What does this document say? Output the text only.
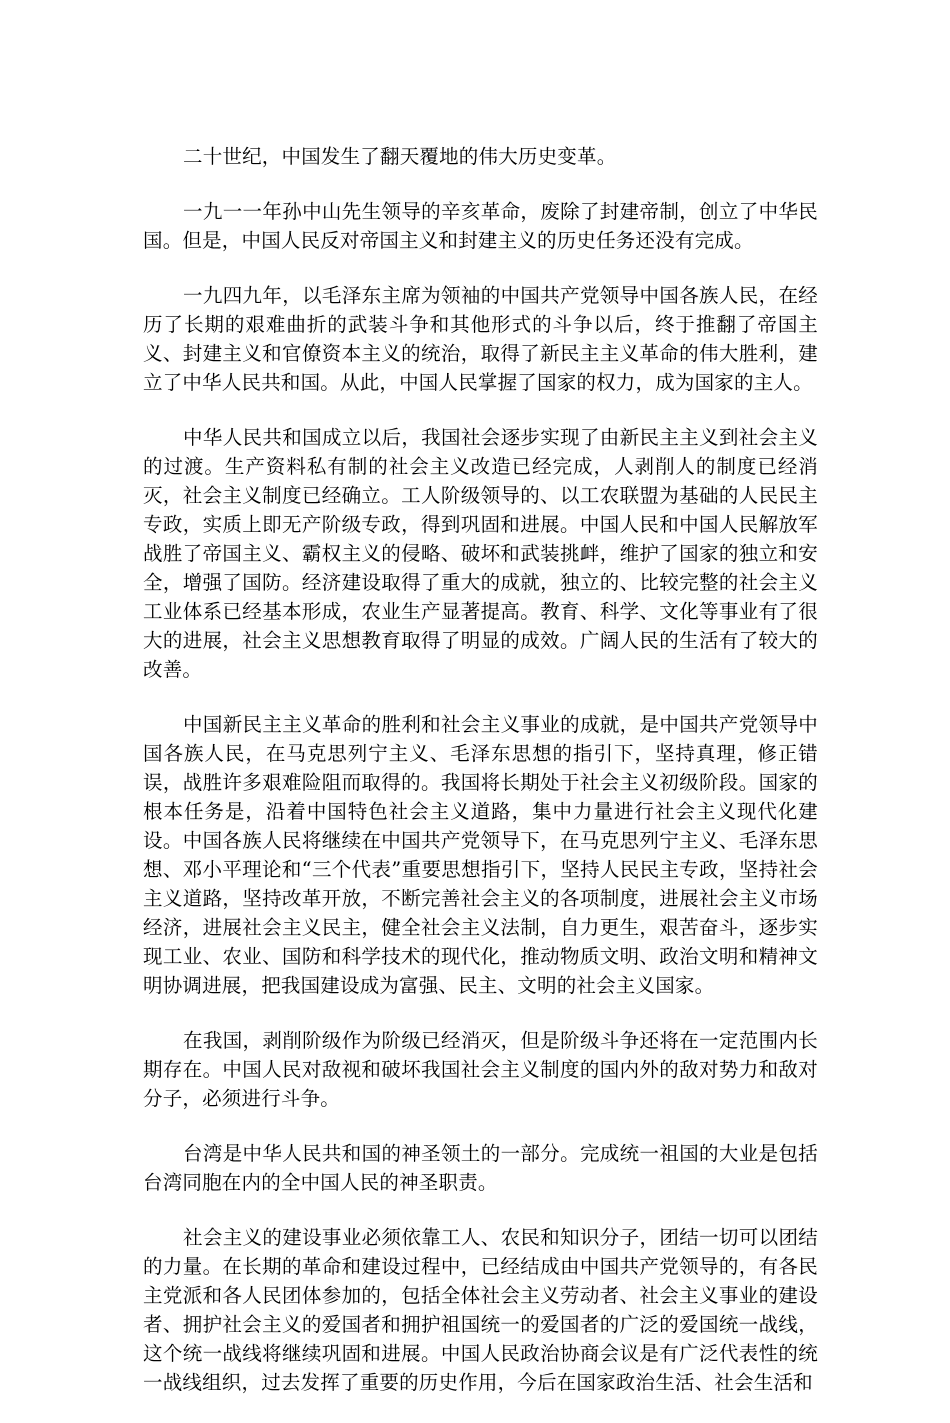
二十世纪，中国发生了翻天覆地的伟大历史变革。

一九一一年孙中山先生领导的辛亥革命，废除了封建帝制，创立了中华民国。但是，中国人民反对帝国主义和封建主义的历史任务还没有完成。

一九四九年，以毛泽东主席为领袖的中国共产党领导中国各族人民，在经历了长期的艰难曲折的武装斗争和其他形式的斗争以后，终于推翻了帝国主义、封建主义和官僚资本主义的统治，取得了新民主主义革命的伟大胜利，建立了中华人民共和国。从此，中国人民掌握了国家的权力，成为国家的主人。

中华人民共和国成立以后，我国社会逐步实现了由新民主主义到社会主义的过渡。生产资料私有制的社会主义改造已经完成，人剥削人的制度已经消灭，社会主义制度已经确立。工人阶级领导的、以工农联盟为基础的人民民主专政，实质上即无产阶级专政，得到巩固和进展。中国人民和中国人民解放军战胜了帝国主义、霸权主义的侵略、破坏和武装挑衅，维护了国家的独立和安全，增强了国防。经济建设取得了重大的成就，独立的、比较完整的社会主义工业体系已经基本形成，农业生产显著提高。教育、科学、文化等事业有了很大的进展，社会主义思想教育取得了明显的成效。广阔人民的生活有了较大的改善。

中国新民主主义革命的胜利和社会主义事业的成就，是中国共产党领导中国各族人民，在马克思列宁主义、毛泽东思想的指引下，坚持真理，修正错误，战胜许多艰难险阻而取得的。我国将长期处于社会主义初级阶段。国家的根本任务是，沿着中国特色社会主义道路，集中力量进行社会主义现代化建设。中国各族人民将继续在中国共产党领导下，在马克思列宁主义、毛泽东思想、邓小平理论和“三个代表”重要思想指引下，坚持人民民主专政，坚持社会主义道路，坚持改革开放，不断完善社会主义的各项制度，进展社会主义市场经济，进展社会主义民主，健全社会主义法制，自力更生，艰苦奋斗，逐步实现工业、农业、国防和科学技术的现代化，推动物质文明、政治文明和精神文明协调进展，把我国建设成为富强、民主、文明的社会主义国家。

在我国，剥削阶级作为阶级已经消灭，但是阶级斗争还将在一定范围内长期存在。中国人民对敌视和破坏我国社会主义制度的国内外的敌对势力和敌对分子，必须进行斗争。

台湾是中华人民共和国的神圣领土的一部分。完成统一祖国的大业是包括台湾同胞在内的全中国人民的神圣职责。

社会主义的建设事业必须依靠工人、农民和知识分子，团结一切可以团结的力量。在长期的革命和建设过程中，已经结成由中国共产党领导的，有各民主党派和各人民团体参加的，包括全体社会主义劳动者、社会主义事业的建设者、拥护社会主义的爱国者和拥护祖国统一的爱国者的广泛的爱国统一战线，这个统一战线将继续巩固和进展。中国人民政治协商会议是有广泛代表性的统一战线组织，过去发挥了重要的历史作用，今后在国家政治生活、社会生活和
